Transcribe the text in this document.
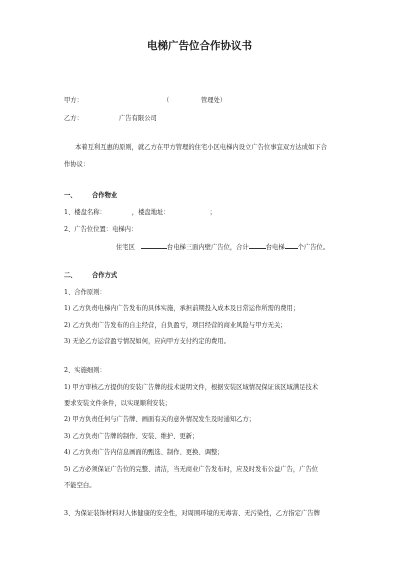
电梯广告位合作协议书
甲方：	（	管理处）
乙方：	广告有限公司
本着互利互惠的原则，就乙方在甲方管理的住宅小区电梯内设立广告位事宜双方达成如下合
作协议：
一、 合作物业
1、楼盘名称：	，楼盘地址：	；
2、广告位位置：电梯内：
住宅区	台电梯三面内壁广告位，合计	台电梯 个广告位。
二、 合作方式
1、合作原则：
1) 乙方负责电梯内广告发布的具体实施，承担前期投入成本及日常运作所需的费用；
2) 乙方负责广告发布的自主经营，自负盈亏，项目经营的商业风险与甲方无关；
3) 无论乙方运营盈亏情况如何，应向甲方支付约定的费用。
2、实施细则：
1) 甲方审核乙方提供的安装广告牌的技术说明文件，根据安装区域情况保证该区域满足技术
要求安装文件条件，以实现顺利安装；
2) 甲方负责任何与广告牌、画面有关的意外情况发生及时通知乙方；
3) 乙方负责广告牌的制作、安装、维护、更新；
4) 乙方负责广告内信息画面的甄选、制作、更换、调整；
5) 乙方必须保证广告位的完整、清洁，当无商业广告发布时，应及时发布公益广告，广告位
不能空白。
3、为保证装饰材料对人体健康的安全性，对周围环境的无毒害、无污染性，乙方指定广告牌
